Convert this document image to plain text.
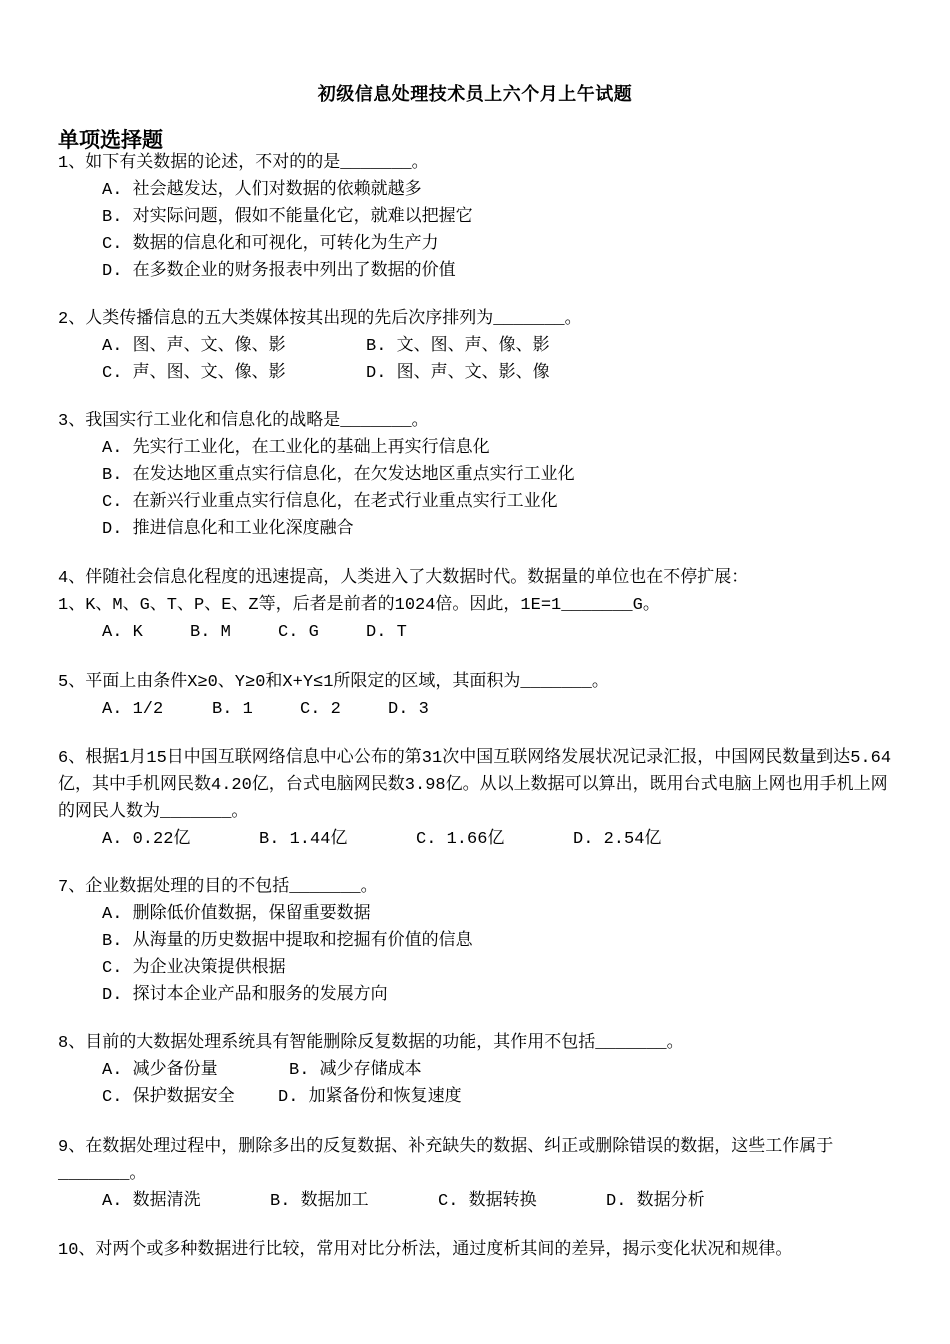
初级信息处理技术员上六个月上午试题
单项选择题
1、如下有关数据的论述，不对的的是_______。
A. 社会越发达，人们对数据的依赖就越多
B. 对实际问题，假如不能量化它，就难以把握它
C. 数据的信息化和可视化，可转化为生产力
D. 在多数企业的财务报表中列出了数据的价值
2、人类传播信息的五大类媒体按其出现的先后次序排列为_______。
A. 图、声、文、像、影	B. 文、图、声、像、影
C. 声、图、文、像、影	D. 图、声、文、影、像
3、我国实行工业化和信息化的战略是_______。
A. 先实行工业化，在工业化的基础上再实行信息化
B. 在发达地区重点实行信息化，在欠发达地区重点实行工业化
C. 在新兴行业重点实行信息化，在老式行业重点实行工业化
D. 推进信息化和工业化深度融合
4、伴随社会信息化程度的迅速提高，人类进入了大数据时代。数据量的单位也在不停扩展：
1、K、M、G、T、P、E、Z等，后者是前者的1024倍。因此，1E=1_______G。
A. K	B. M	C. G	D. T
5、平面上由条件X≥0、Y≥0和X+Y≤1所限定的区域，其面积为_______。
A. 1/2	B. 1	C. 2	D. 3
6、根据1月15日中国互联网络信息中心公布的第31次中国互联网络发展状况记录汇报，中国网民数量到达5.64亿，其中手机网民数4.20亿，台式电脑网民数3.98亿。从以上数据可以算出，既用台式电脑上网也用手机上网的网民人数为_______。
A. 0.22亿	B. 1.44亿	C. 1.66亿	D. 2.54亿
7、企业数据处理的目的不包括_______。
A. 删除低价值数据，保留重要数据
B. 从海量的历史数据中提取和挖掘有价值的信息
C. 为企业决策提供根据
D. 探讨本企业产品和服务的发展方向
8、目前的大数据处理系统具有智能删除反复数据的功能，其作用不包括_______。
A. 减少备份量	B. 减少存储成本
C. 保护数据安全	D. 加紧备份和恢复速度
9、在数据处理过程中，删除多出的反复数据、补充缺失的数据、纠正或删除错误的数据，这些工作属于_______。
A. 数据清洗	B. 数据加工	C. 数据转换	D. 数据分析
10、对两个或多种数据进行比较，常用对比分析法，通过度析其间的差异，揭示变化状况和规律。
